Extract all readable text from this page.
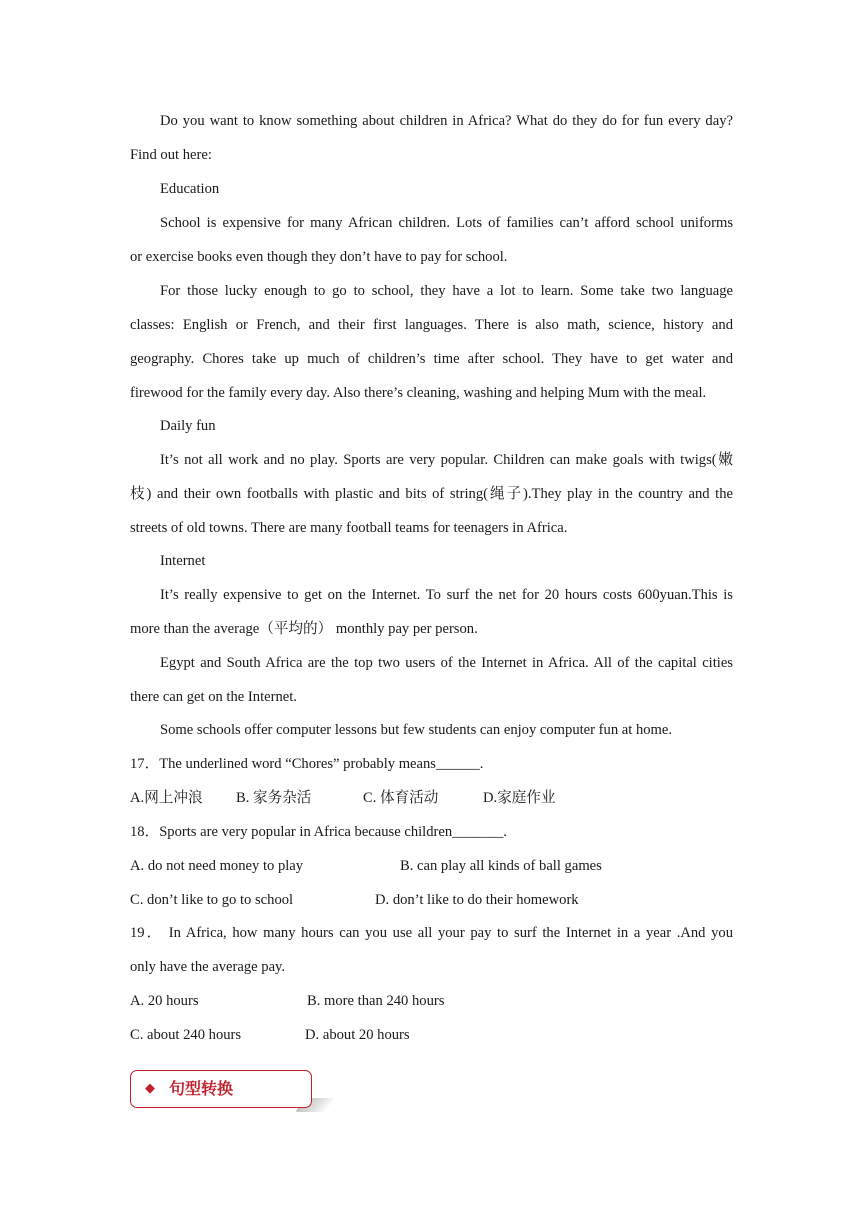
Do you want to know something about children in Africa? What do they do for fun every day?
Find out here:
Education
School is expensive for many African children. Lots of families can’t afford school uniforms
or exercise books even though they don’t have to pay for school.
For those lucky enough to go to school, they have a lot to learn. Some take two language
classes: English or French, and their first languages. There is also math, science, history and
geography. Chores take up much of children’s time after school. They have to get water and
firewood for the family every day. Also there’s cleaning, washing and helping Mum with the meal.
Daily fun
It’s not all work and no play. Sports are very popular. Children can make goals with twigs(嫩
枝) and their own footballs with plastic and bits of string(绳子).They play in the country and the
streets of old towns. There are many football teams for teenagers in Africa.
Internet
It’s really expensive to get on the Internet. To surf the net for 20 hours costs 600yuan.This is
more than the average（平均的） monthly pay per person.
Egypt and South Africa are the top two users of the Internet in Africa. All of the capital cities
there can get on the Internet.
Some schools offer computer lessons but few students can enjoy computer fun at home.
17．The underlined word “Chores” probably means______.
A.网上冲浪 B. 家务杂活	C. 体育活动	D.家庭作业
18．Sports are very popular in Africa because children_______.
A. do not need money to play	B. can play all kinds of ball games
C. don’t like to go to school	D. don’t like to do their homework
19． In Africa, how many hours can you use all your pay to surf the Internet in a year .And you
only have the average pay.
A. 20 hours	B. more than 240 hours
C. about 240 hours	D. about 20 hours
◆ 句型转换
